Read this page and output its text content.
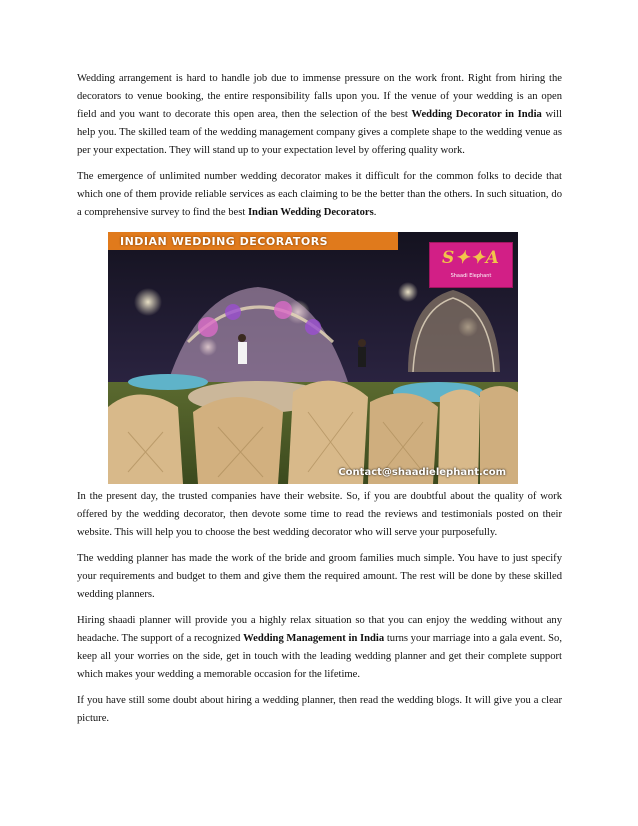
Wedding arrangement is hard to handle job due to immense pressure on the work front. Right from hiring the decorators to venue booking, the entire responsibility falls upon you. If the venue of your wedding is an open field and you want to decorate this open area, then the selection of the best Wedding Decorator in India will help you. The skilled team of the wedding management company gives a complete shape to the wedding venue as per your expectation. They will stand up to your expectation level by offering quality work.

The emergence of unlimited number wedding decorator makes it difficult for the common folks to decide that which one of them provide reliable services as each claiming to be the better than the others. In such situation, do a comprehensive survey to find the best Indian Wedding Decorators.

INDIAN WEDDING DECORATORS
S✦✦A
Shaadi Elephant
Contact@shaadielephant.com

In the present day, the trusted companies have their website. So, if you are doubtful about the quality of work offered by the wedding decorator, then devote some time to read the reviews and testimonials posted on their website. This will help you to choose the best wedding decorator who will serve your purposefully.

The wedding planner has made the work of the bride and groom families much simple. You have to just specify your requirements and budget to them and give them the required amount. The rest will be done by these skilled wedding planners.

Hiring shaadi planner will provide you a highly relax situation so that you can enjoy the wedding without any headache. The support of a recognized Wedding Management in India turns your marriage into a gala event. So, keep all your worries on the side, get in touch with the leading wedding planner and get their complete support which makes your wedding a memorable occasion for the lifetime.

If you have still some doubt about hiring a wedding planner, then read the wedding blogs. It will give you a clear picture.
